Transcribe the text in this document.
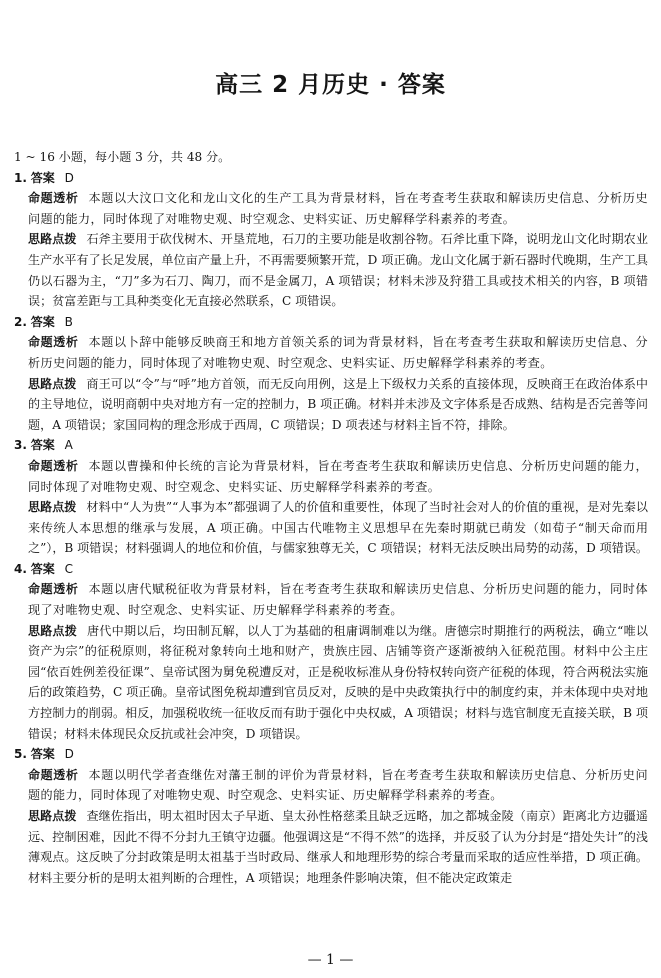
高三 2 月历史 · 答案

1 ~ 16 小题，每小题 3 分，共 48 分。

1. 答案 D

命题透析 本题以大汶口文化和龙山文化的生产工具为背景材料，旨在考查考生获取和解读历史信息、分析历史问题的能力，同时体现了对唯物史观、时空观念、史料实证、历史解释学科素养的考查。

思路点拨 石斧主要用于砍伐树木、开垦荒地，石刀的主要功能是收割谷物。石斧比重下降，说明龙山文化时期农业生产水平有了长足发展，单位亩产量上升，不再需要频繁开荒，D 项正确。龙山文化属于新石器时代晚期，生产工具仍以石器为主，“刀”多为石刀、陶刀，而不是金属刀，A 项错误；材料未涉及狩猎工具或技术相关的内容，B 项错误；贫富差距与工具种类变化无直接必然联系，C 项错误。

2. 答案 B

命题透析 本题以卜辞中能够反映商王和地方首领关系的词为背景材料，旨在考查考生获取和解读历史信息、分析历史问题的能力，同时体现了对唯物史观、时空观念、史料实证、历史解释学科素养的考查。

思路点拨 商王可以“令”与“呼”地方首领，而无反向用例，这是上下级权力关系的直接体现，反映商王在政治体系中的主导地位，说明商朝中央对地方有一定的控制力，B 项正确。材料并未涉及文字体系是否成熟、结构是否完善等问题，A 项错误；家国同构的理念形成于西周，C 项错误；D 项表述与材料主旨不符，排除。

3. 答案 A

命题透析 本题以曹操和仲长统的言论为背景材料，旨在考查考生获取和解读历史信息、分析历史问题的能力，同时体现了对唯物史观、时空观念、史料实证、历史解释学科素养的考查。

思路点拨 材料中“人为贵”“人事为本”都强调了人的价值和重要性，体现了当时社会对人的价值的重视，是对先秦以来传统人本思想的继承与发展，A 项正确。中国古代唯物主义思想早在先秦时期就已萌发（如荀子“制天命而用之”），B 项错误；材料强调人的地位和价值，与儒家独尊无关，C 项错误；材料无法反映出局势的动荡，D 项错误。

4. 答案 C

命题透析 本题以唐代赋税征收为背景材料，旨在考查考生获取和解读历史信息、分析历史问题的能力，同时体现了对唯物史观、时空观念、史料实证、历史解释学科素养的考查。

思路点拨 唐代中期以后，均田制瓦解，以人丁为基础的租庸调制难以为继。唐德宗时期推行的两税法，确立“唯以资产为宗”的征税原则，将征税对象转向土地和财产，贵族庄园、店铺等资产逐渐被纳入征税范围。材料中公主庄园“依百姓例差役征课”、皇帝试图为舅免税遭反对，正是税收标准从身份特权转向资产征税的体现，符合两税法实施后的政策趋势，C 项正确。皇帝试图免税却遭到官员反对，反映的是中央政策执行中的制度约束，并未体现中央对地方控制力的削弱。相反，加强税收统一征收反而有助于强化中央权威，A 项错误；材料与选官制度无直接关联，B 项错误；材料未体现民众反抗或社会冲突，D 项错误。

5. 答案 D

命题透析 本题以明代学者查继佐对藩王制的评价为背景材料，旨在考查考生获取和解读历史信息、分析历史问题的能力，同时体现了对唯物史观、时空观念、史料实证、历史解释学科素养的考查。

思路点拨 查继佐指出，明太祖时因太子早逝、皇太孙性格慈柔且缺乏远略，加之都城金陵（南京）距离北方边疆遥远、控制困难，因此不得不分封九王镇守边疆。他强调这是“不得不然”的选择，并反驳了认为分封是“措处失计”的浅薄观点。这反映了分封政策是明太祖基于当时政局、继承人和地理形势的综合考量而采取的适应性举措，D 项正确。材料主要分析的是明太祖判断的合理性，A 项错误；地理条件影响决策，但不能决定政策走

— 1 —
